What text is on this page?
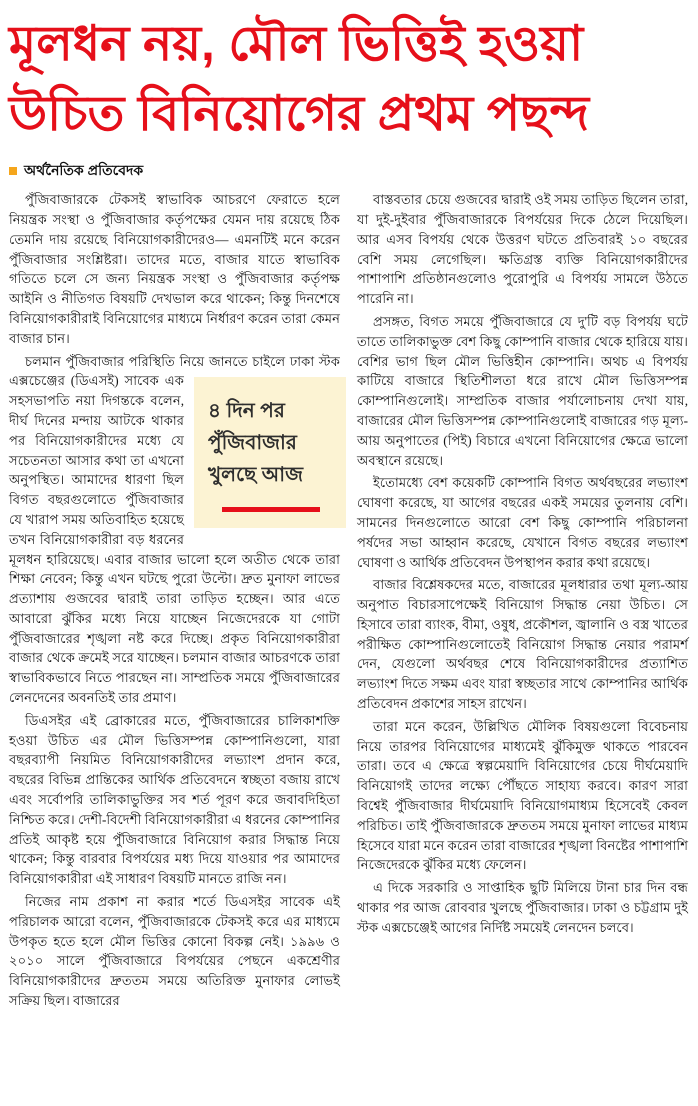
মূলধন নয়, মৌল ভিত্তিই হওয়া
উচিত বিনিয়োগের প্রথম পছন্দ
অর্থনৈতিক প্রতিবেদক

পুঁজিবাজারকে টেকসই স্বাভাবিক আচরণে ফেরাতে হলে নিয়ন্ত্রক সংস্থা ও পুঁজিবাজার কর্তৃপক্ষের যেমন দায় রয়েছে ঠিক তেমনি দায় রয়েছে বিনিয়োগকারীদেরও— এমনটিই মনে করেন পুঁজিবাজার সংশ্লিষ্টরা। তাদের মতে, বাজার যাতে স্বাভাবিক গতিতে চলে সে জন্য নিয়ন্ত্রক সংস্থা ও পুঁজিবাজার কর্তৃপক্ষ আইনি ও নীতিগত বিষয়টি দেখভাল করে থাকেন; কিন্তু দিনশেষে বিনিয়োগকারীরাই বিনিয়োগের মাধ্যমে নির্ধারণ করেন তারা কেমন বাজার চান।

চলমান পুঁজিবাজার পরিস্থিতি নিয়ে জানতে চাইলে ঢাকা স্টক এক্সচেঞ্জের (ডিএসই)
৪ দিন পর পুঁজিবাজার
খুলছে আজ
সাবেক এক সহসভাপতি নয়া দিগন্তকে বলেন, দীর্ঘ দিনের মন্দায় আটকে থাকার পর বিনিয়োগকারীদের মধ্যে যে সচেতনতা আসার কথা তা এখনো অনুপস্থিত। আমাদের ধারণা ছিল বিগত বছরগুলোতে পুঁজিবাজার যে খারাপ সময় অতিবাহিত হয়েছে তখন বিনিয়োগকারীরা বড় ধরনের মূলধন হারিয়েছে। এবার বাজার ভালো হলে অতীত থেকে তারা শিক্ষা নেবেন; কিন্তু এখন ঘটছে পুরো উল্টো। দ্রুত মুনাফা লাভের প্রত্যাশায় গুজবের দ্বারাই তারা তাড়িত হচ্ছেন। আর এতে আবারো ঝুঁকির মধ্যে নিয়ে যাচ্ছেন নিজেদেরকে যা গোটা পুঁজিবাজারের শৃঙ্খলা নষ্ট করে দিচ্ছে। প্রকৃত বিনিয়োগকারীরা বাজার থেকে ক্রমেই সরে যাচ্ছেন। চলমান বাজার আচরণকে তারা স্বাভাবিকভাবে নিতে পারছেন না। সাম্প্রতিক সময়ে পুঁজিবাজারের লেনদেনের অবনতিই তার প্রমাণ।

ডিএসইর এই ব্রোকারের মতে, পুঁজিবাজারের চালিকাশক্তি হওয়া উচিত এর মৌল ভিত্তিসম্পন্ন কোম্পানিগুলো, যারা বছরব্যাপী নিয়মিত বিনিয়োগকারীদের লভ্যাংশ প্রদান করে, বছরের বিভিন্ন প্রান্তিকের আর্থিক প্রতিবেদনে স্বচ্ছতা বজায় রাখে এবং সর্বোপরি তালিকাভুক্তির সব শর্ত পূরণ করে জবাবদিহিতা নিশ্চিত করে। দেশী-বিদেশী বিনিয়োগকারীরা এ ধরনের কোম্পানির প্রতিই আকৃষ্ট হয়ে পুঁজিবাজারে বিনিয়োগ করার সিদ্ধান্ত নিয়ে থাকেন; কিন্তু বারবার বিপর্যয়ের মধ্য দিয়ে যাওয়ার পর আমাদের বিনিয়োগকারীরা এই সাধারণ বিষয়টি মানতে রাজি নন।

নিজের নাম প্রকাশ না করার শর্তে ডিএসইর সাবেক এই পরিচালক আরো বলেন, পুঁজিবাজারকে টেকসই করে এর মাধ্যমে উপকৃত হতে হলে মৌল ভিত্তির কোনো বিকল্প নেই। ১৯৯৬ ও ২০১০ সালে পুঁজিবাজারে বিপর্যয়ের পেছনে একশ্রেণীর বিনিয়োগকারীদের দ্রুততম সময়ে অতিরিক্ত মুনাফার লোভই সক্রিয় ছিল। বাজারের

বাস্তবতার চেয়ে গুজবের দ্বারাই ওই সময় তাড়িত ছিলেন তারা, যা দুই-দুইবার পুঁজিবাজারকে বিপর্যয়ের দিকে ঠেলে দিয়েছিল। আর এসব বিপর্যয় থেকে উত্তরণ ঘটতে প্রতিবারই ১০ বছরের বেশি সময় লেগেছিল। ক্ষতিগ্রস্ত ব্যক্তি বিনিয়োগকারীদের পাশাপাশি প্রতিষ্ঠানগুলোও পুরোপুরি এ বিপর্যয় সামলে উঠতে পারেনি না।

প্রসঙ্গত, বিগত সময়ে পুঁজিবাজারে যে দু'টি বড় বিপর্যয় ঘটে তাতে তালিকাভুক্ত বেশ কিছু কোম্পানি বাজার থেকে হারিয়ে যায়। বেশির ভাগ ছিল মৌল ভিত্তিহীন কোম্পানি। অথচ এ বিপর্যয় কাটিয়ে বাজারে স্থিতিশীলতা ধরে রাখে মৌল ভিত্তিসম্পন্ন কোম্পানিগুলোই। সাম্প্রতিক বাজার পর্যালোচনায় দেখা যায়, বাজারের মৌল ভিত্তিসম্পন্ন কোম্পানিগুলোই বাজারের গড় মূল্য-আয় অনুপাতের (পিই) বিচারে এখনো বিনিয়োগের ক্ষেত্রে ভালো অবস্থানে রয়েছে।

ইতোমধ্যে বেশ কয়েকটি কোম্পানি বিগত অর্থবছরের লভ্যাংশ ঘোষণা করেছে, যা আগের বছরের একই সময়ের তুলনায় বেশি। সামনের দিনগুলোতে আরো বেশ কিছু কোম্পানি পরিচালনা পর্ষদের সভা আহ্বান করেছে, যেখানে বিগত বছরের লভ্যাংশ ঘোষণা ও আর্থিক প্রতিবেদন উপস্থাপন করার কথা রয়েছে।

বাজার বিশ্লেষকদের মতে, বাজারের মূলধারার তথা মূল্য-আয় অনুপাত বিচারসাপেক্ষেই বিনিয়োগ সিদ্ধান্ত নেয়া উচিত। সে হিসাবে তারা ব্যাংক, বীমা, ওষুধ, প্রকৌশল, জ্বালানি ও বস্ত্র খাতের পরীক্ষিত কোম্পানিগুলোতেই বিনিয়োগ সিদ্ধান্ত নেয়ার পরামর্শ দেন, যেগুলো অর্থবছর শেষে বিনিয়োগকারীদের প্রত্যাশিত লভ্যাংশ দিতে সক্ষম এবং যারা স্বচ্ছতার সাথে কোম্পানির আর্থিক প্রতিবেদন প্রকাশের সাহস রাখেন।

তারা মনে করেন, উল্লিখিত মৌলিক বিষয়গুলো বিবেচনায় নিয়ে তারপর বিনিয়োগের মাধ্যমেই ঝুঁকিমুক্ত থাকতে পারবেন তারা। তবে এ ক্ষেত্রে স্বল্পমেয়াদি বিনিয়োগের চেয়ে দীর্ঘমেয়াদি বিনিয়োগই তাদের লক্ষ্যে পৌঁছতে সাহায্য করবে। কারণ সারা বিশ্বেই পুঁজিবাজার দীর্ঘমেয়াদি বিনিয়োগমাধ্যম হিসেবেই কেবল পরিচিত। তাই পুঁজিবাজারকে দ্রুততম সময়ে মুনাফা লাভের মাধ্যম হিসেবে যারা মনে করেন তারা বাজারের শৃঙ্খলা বিনষ্টের পাশাপাশি নিজেদেরকে ঝুঁকির মধ্যে ফেলেন।

এ দিকে সরকারি ও সাপ্তাহিক ছুটি মিলিয়ে টানা চার দিন বন্ধ থাকার পর আজ রোববার খুলছে পুঁজিবাজার। ঢাকা ও চট্টগ্রাম দুই স্টক এক্সচেঞ্জেই আগের নির্দিষ্ট সময়েই লেনদেন চলবে।
